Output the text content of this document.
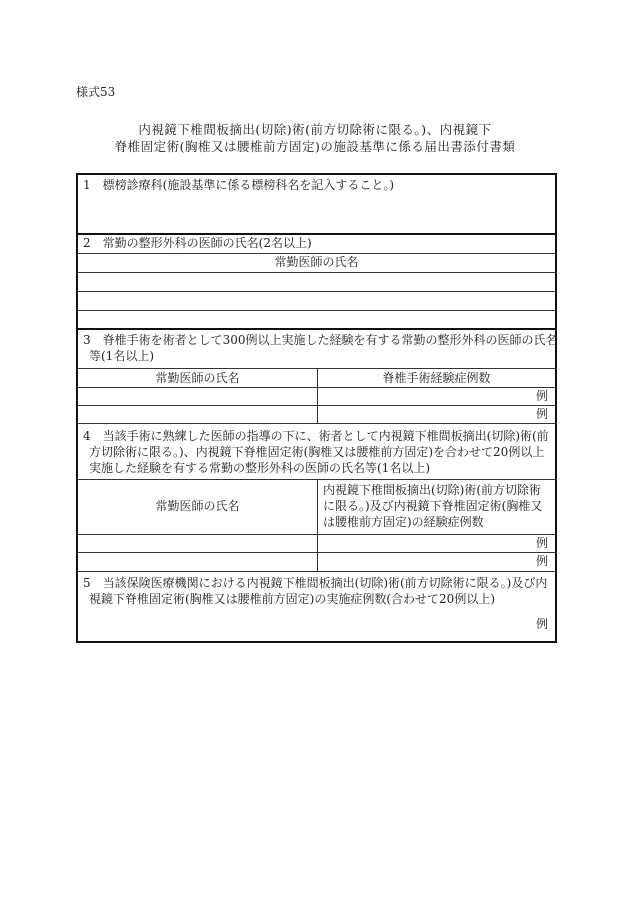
様式53
内視鏡下椎間板摘出(切除)術(前方切除術に限る。)、内視鏡下
脊椎固定術(胸椎又は腰椎前方固定)の施設基準に係る届出書添付書類
1　標榜診療科(施設基準に係る標榜科名を記入すること。)
2　常勤の整形外科の医師の氏名(2名以上)
常勤医師の氏名
3　脊椎手術を術者として300例以上実施した経験を有する常勤の整形外科の医師の氏名
等(1名以上)
常勤医師の氏名	脊椎手術経験症例数
例
例
4　当該手術に熟練した医師の指導の下に、術者として内視鏡下椎間板摘出(切除)術(前
方切除術に限る。)、内視鏡下脊椎固定術(胸椎又は腰椎前方固定)を合わせて20例以上
実施した経験を有する常勤の整形外科の医師の氏名等(1名以上)
常勤医師の氏名
内視鏡下椎間板摘出(切除)術(前方切除術
に限る。)及び内視鏡下脊椎固定術(胸椎又
は腰椎前方固定)の経験症例数
例
例
5　当該保険医療機関における内視鏡下椎間板摘出(切除)術(前方切除術に限る。)及び内
視鏡下脊椎固定術(胸椎又は腰椎前方固定)の実施症例数(合わせて20例以上)
例
